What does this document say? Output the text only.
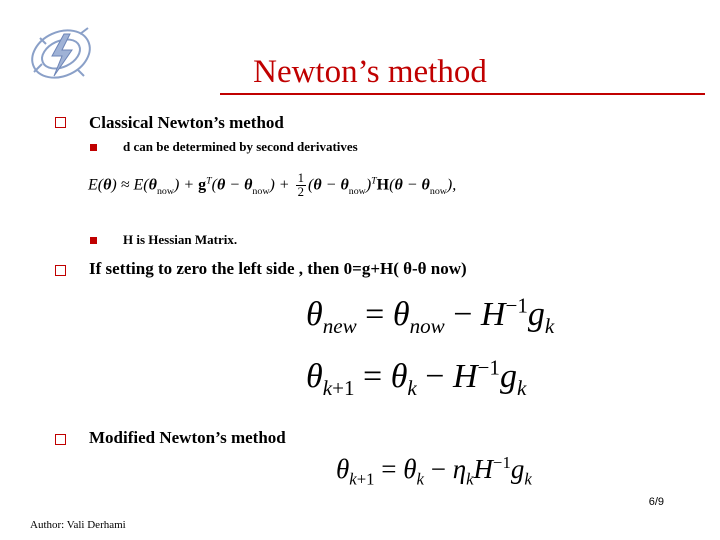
Newton’s method
Classical Newton’s method
d can be determined by second derivatives
$E(\theta) \approx E(\theta_{now}) + g^T(\theta - \theta_{now}) + \frac{1}{2} (\theta - \theta_{now})^TH(\theta - \theta_{now})$,
H is Hessian Matrix.
If setting to zero the left side , then 0=g+H( θ-θ now)
$\theta_{new} = \theta_{now} - H^{-1}g_k$
$\theta_{k+1} = \theta_k - H^{-1}g_k$
Modified Newton’s method
$\theta_{k+1} = \theta_k - \eta_kH^{-1}g_k$
6/9
Author: Vali Derhami
